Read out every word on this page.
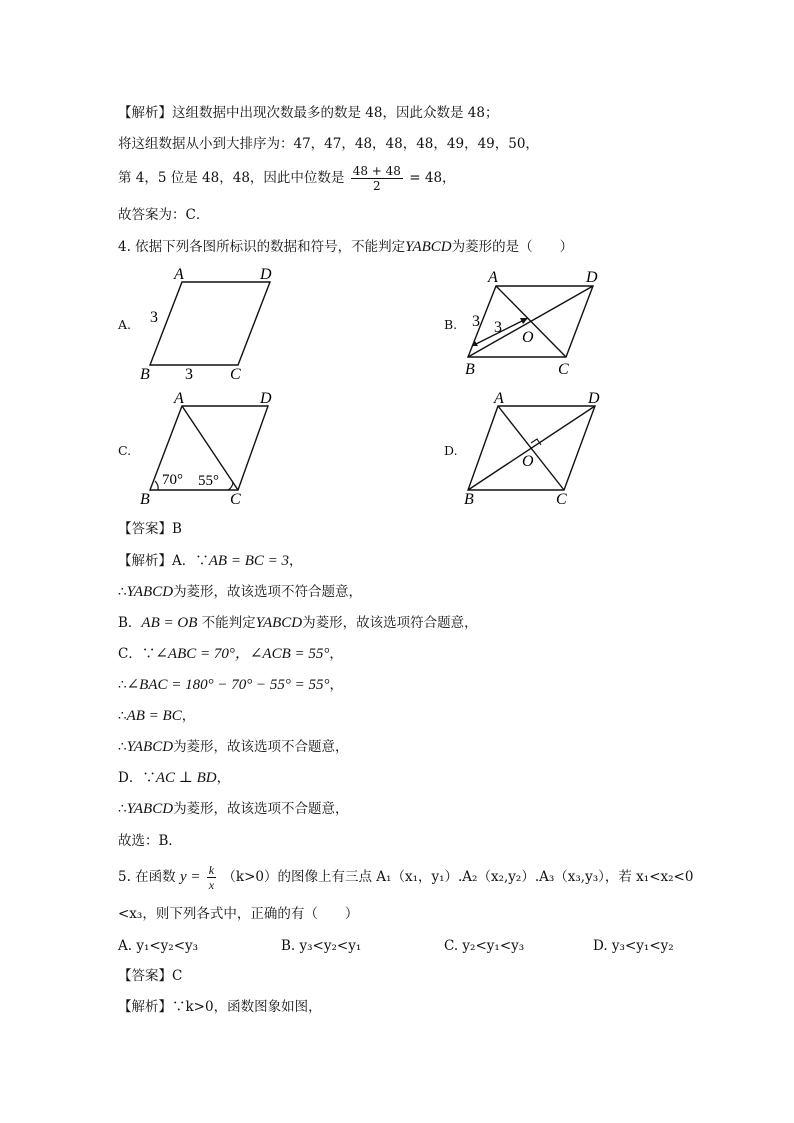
【解析】这组数据中出现次数最多的数是 48，因此众数是 48；
将这组数据从小到大排序为：47，47，48，48，48，49，49，50，
第 4，5 位是 48，48，因此中位数是 $\frac{48 + 48}{2} = 48$，
故答案为：C．
4. 依据下列各图所标识的数据和符号，不能判定YABCD为菱形的是（　　）
A.
A	D
B	C
3
3
B.
A	D
B	C
O
3 3
C.
A	D
B	C
70° 55°
D.
A	D
B	C
O
【答案】B
【解析】A．∵AB = BC = 3，
∴YABCD为菱形，故该选项不符合题意，
B．AB = OB 不能判定YABCD为菱形，故该选项符合题意，
C．∵∠ABC = 70°，∠ACB = 55°，
∴∠BAC = 180° − 70° − 55° = 55°，
∴AB = BC，
∴YABCD为菱形，故该选项不合题意，
D．∵AC ⊥ BD，
∴YABCD为菱形，故该选项不合题意，
故选：B．
5. 在函数 $y = \frac{k}{x} (k>0)$的图像上有三点 A₁（x₁，y₁）.A₂（x₂,y₂）.A₃（x₃,y₃），若 x₁<x₂<0
<x₃，则下列各式中，正确的有（　　）
A. y₁<y₂<y₃	B. y₃<y₂<y₁	C. y₂<y₁<y₃	D. y₃<y₁<y₂
【答案】C
【解析】∵k>0，函数图象如图，
